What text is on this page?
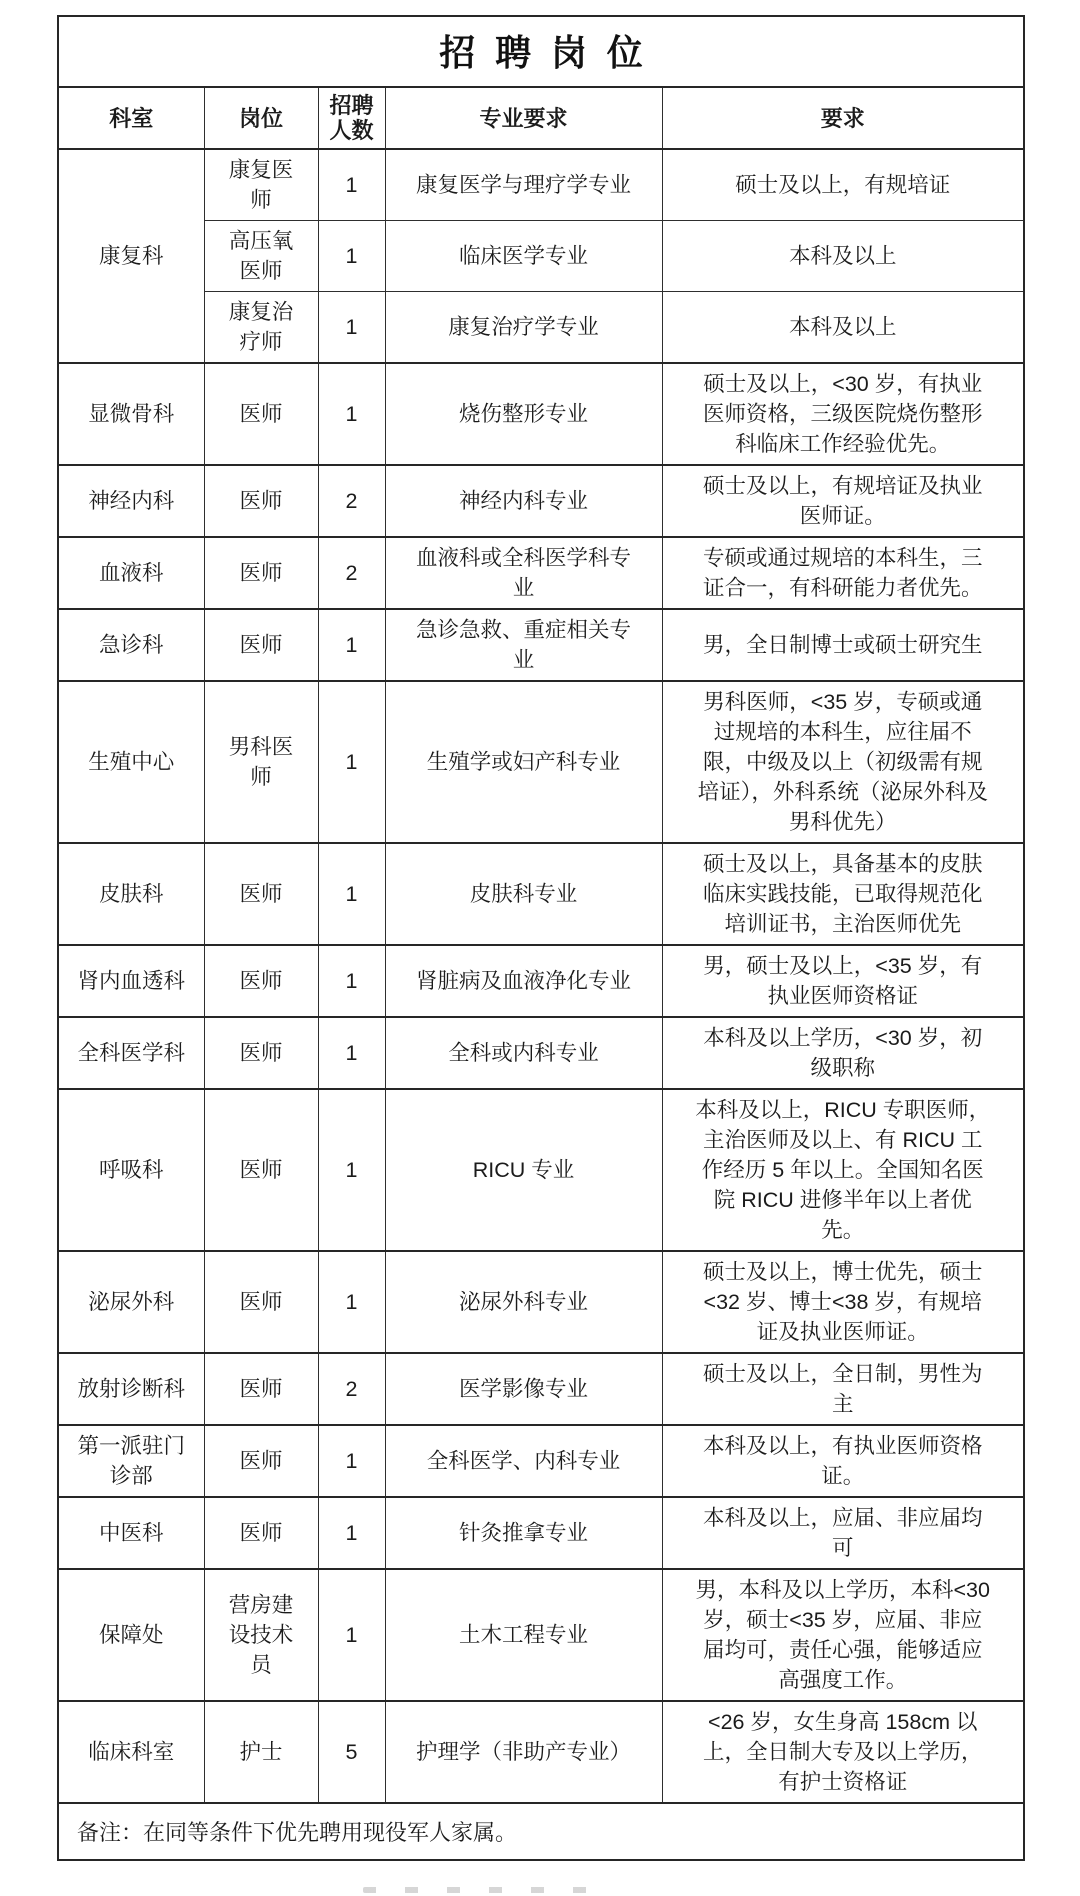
招聘岗位				
科室	岗位	招聘人数	专业要求	要求
康复科	康复医师	1	康复医学与理疗学专业	硕士及以上，有规培证
	高压氧医师	1	临床医学专业	本科及以上
	康复治疗师	1	康复治疗学专业	本科及以上
显微骨科	医师	1	烧伤整形专业	硕士及以上，<30 岁，有执业医师资格，三级医院烧伤整形科临床工作经验优先。
神经内科	医师	2	神经内科专业	硕士及以上，有规培证及执业医师证。
血液科	医师	2	血液科或全科医学科专业	专硕或通过规培的本科生，三证合一，有科研能力者优先。
急诊科	医师	1	急诊急救、重症相关专业	男，全日制博士或硕士研究生
生殖中心	男科医师	1	生殖学或妇产科专业	男科医师，<35 岁，专硕或通过规培的本科生，应往届不限，中级及以上（初级需有规培证），外科系统（泌尿外科及男科优先）
皮肤科	医师	1	皮肤科专业	硕士及以上，具备基本的皮肤临床实践技能，已取得规范化培训证书，主治医师优先
肾内血透科	医师	1	肾脏病及血液净化专业	男，硕士及以上，<35 岁，有执业医师资格证
全科医学科	医师	1	全科或内科专业	本科及以上学历，<30 岁，初级职称
呼吸科	医师	1	RICU 专业	本科及以上，RICU 专职医师，主治医师及以上、有 RICU 工作经历 5 年以上。全国知名医院 RICU 进修半年以上者优先。
泌尿外科	医师	1	泌尿外科专业	硕士及以上，博士优先，硕士<32 岁、博士<38 岁，有规培证及执业医师证。
放射诊断科	医师	2	医学影像专业	硕士及以上，全日制，男性为主
第一派驻门诊部	医师	1	全科医学、内科专业	本科及以上，有执业医师资格证。
中医科	医师	1	针灸推拿专业	本科及以上，应届、非应届均可
保障处	营房建设技术员	1	土木工程专业	男，本科及以上学历，本科<30 岁，硕士<35 岁，应届、非应届均可，责任心强，能够适应高强度工作。
临床科室	护士	5	护理学（非助产专业）	<26 岁，女生身高 158cm 以上，全日制大专及以上学历，有护士资格证
备注：在同等条件下优先聘用现役军人家属。				
